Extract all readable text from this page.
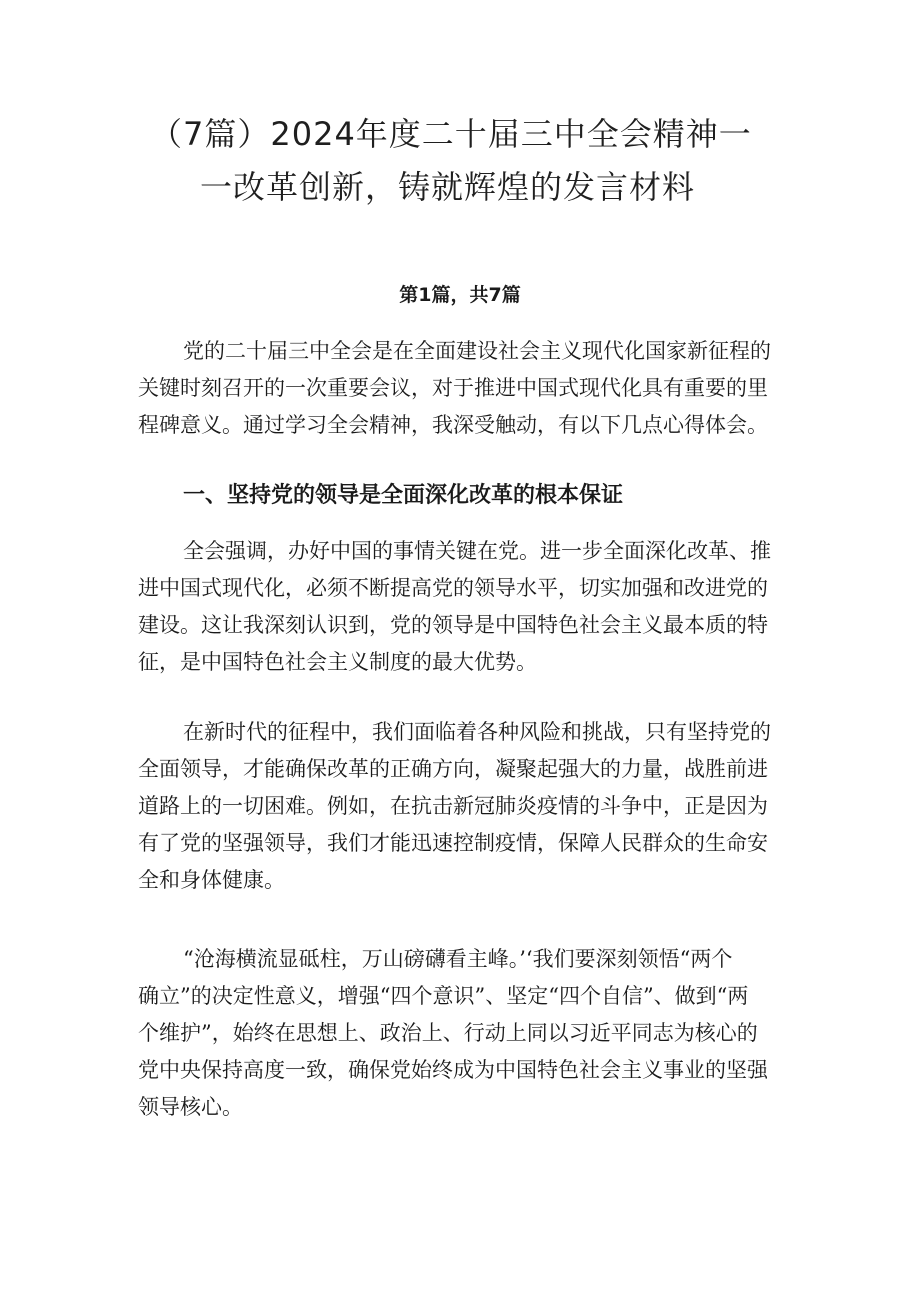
（7篇）2024年度二十届三中全会精神一
一改革创新，铸就辉煌的发言材料
第1篇，共7篇

党的二十届三中全会是在全面建设社会主义现代化国家新征程的
关键时刻召开的一次重要会议，对于推进中国式现代化具有重要的里
程碑意义。通过学习全会精神，我深受触动，有以下几点心得体会。

一、坚持党的领导是全面深化改革的根本保证

全会强调，办好中国的事情关键在党。进一步全面深化改革、推
进中国式现代化，必须不断提高党的领导水平，切实加强和改进党的
建设。这让我深刻认识到，党的领导是中国特色社会主义最本质的特
征，是中国特色社会主义制度的最大优势。

在新时代的征程中，我们面临着各种风险和挑战，只有坚持党的
全面领导，才能确保改革的正确方向，凝聚起强大的力量，战胜前进
道路上的一切困难。例如，在抗击新冠肺炎疫情的斗争中，正是因为
有了党的坚强领导，我们才能迅速控制疫情，保障人民群众的生命安
全和身体健康。

“沧海横流显砥柱，万山磅礴看主峰。’‘我们要深刻领悟“两个
确立”的决定性意义，增强“四个意识”、坚定“四个自信”、做到“两
个维护”，始终在思想上、政治上、行动上同以习近平同志为核心的
党中央保持高度一致，确保党始终成为中国特色社会主义事业的坚强
领导核心。
